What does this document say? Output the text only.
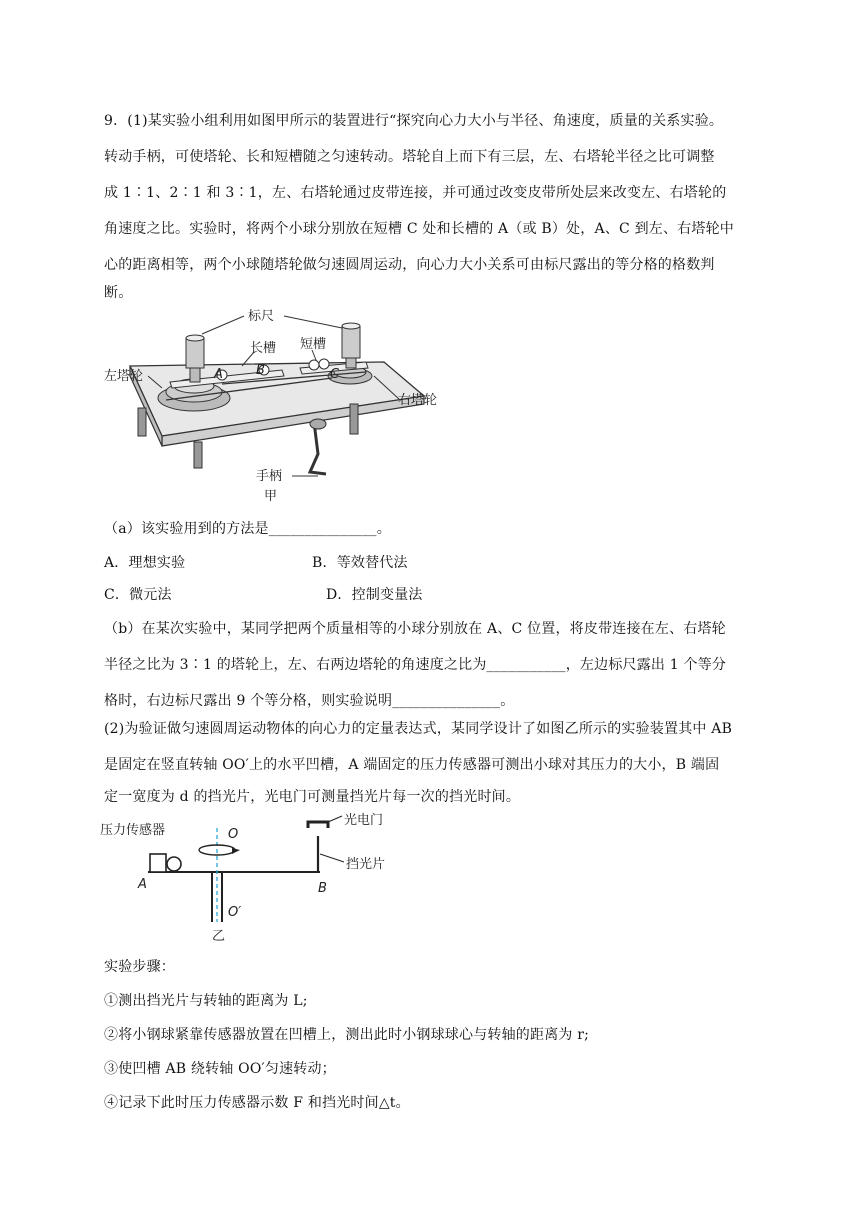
9．(1)某实验小组利用如图甲所示的装置进行“探究向心力大小与半径、角速度，质量的关系实验。
转动手柄，可使塔轮、长和短槽随之匀速转动。塔轮自上而下有三层，左、右塔轮半径之比可调整
成 1∶1、2∶1 和 3∶1，左、右塔轮通过皮带连接，并可通过改变皮带所处层来改变左、右塔轮的
角速度之比。实验时，将两个小球分别放在短槽 C 处和长槽的 A（或 B）处，A、C 到左、右塔轮中
心的距离相等，两个小球随塔轮做匀速圆周运动，向心力大小关系可由标尺露出的等分格的格数判
断。
标尺
长槽 短槽
左塔轮
右塔轮
手柄
甲
A	B	C
（a）该实验用到的方法是_______________。
A．理想实验	B．等效替代法
C．微元法	D．控制变量法
（b）在某次实验中，某同学把两个质量相等的小球分别放在 A、C 位置，将皮带连接在左、右塔轮
半径之比为 3∶1 的塔轮上，左、右两边塔轮的角速度之比为___________，左边标尺露出 1 个等分
格时，右边标尺露出 9 个等分格，则实验说明_______________。
(2)为验证做匀速圆周运动物体的向心力的定量表达式，某同学设计了如图乙所示的实验装置其中 AB
是固定在竖直转轴 OO′上的水平凹槽，A 端固定的压力传感器可测出小球对其压力的大小，B 端固
定一宽度为 d 的挡光片，光电门可测量挡光片每一次的挡光时间。
压力传感器	O
O′
A	B
光电门
挡光片
乙
实验步骤：
①测出挡光片与转轴的距离为 L;
②将小钢球紧靠传感器放置在凹槽上，测出此时小钢球球心与转轴的距离为 r;
③使凹槽 AB 绕转轴 OO′匀速转动；
④记录下此时压力传感器示数 F 和挡光时间△t。
